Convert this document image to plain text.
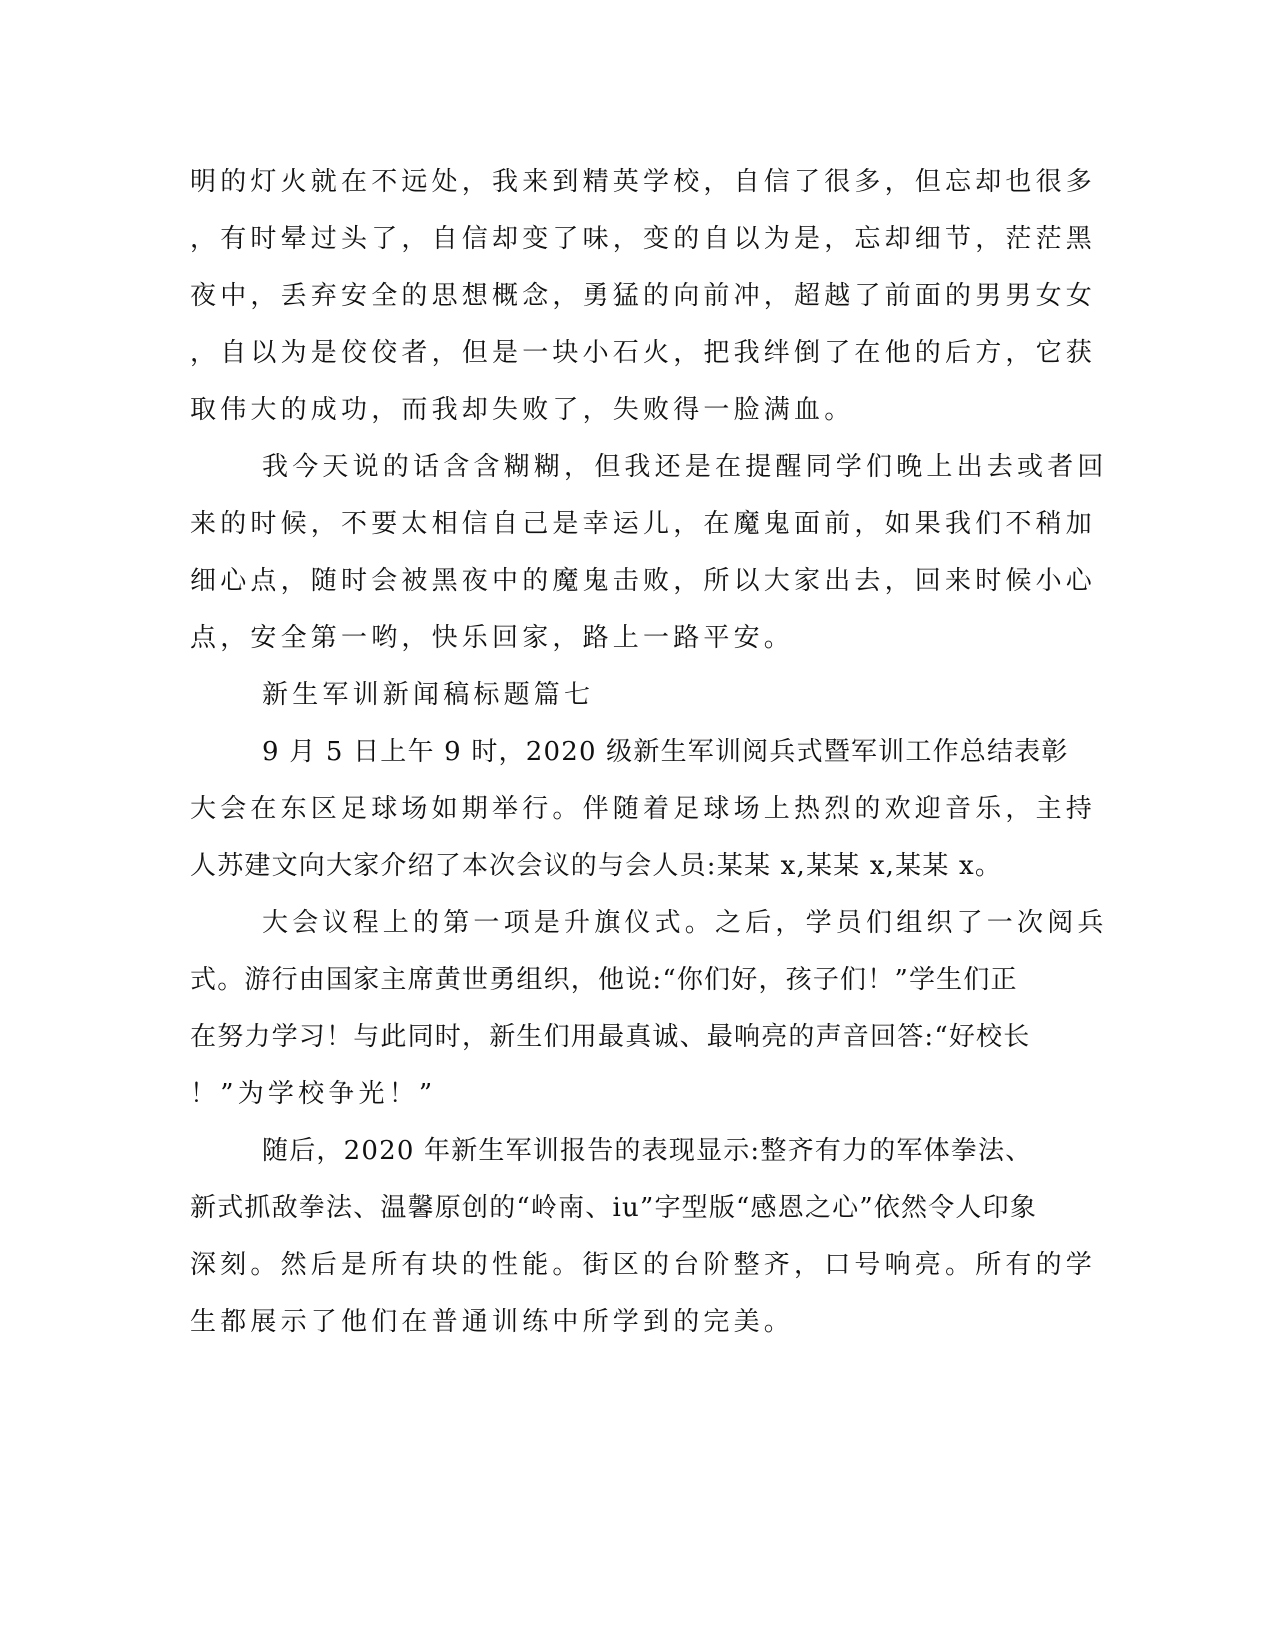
明的灯火就在不远处，我来到精英学校，自信了很多，但忘却也很多
，有时晕过头了，自信却变了味，变的自以为是，忘却细节，茫茫黑
夜中，丢弃安全的思想概念，勇猛的向前冲，超越了前面的男男女女
，自以为是佼佼者，但是一块小石火，把我绊倒了在他的后方，它获
取伟大的成功，而我却失败了，失败得一脸满血。
我今天说的话含含糊糊，但我还是在提醒同学们晚上出去或者回
来的时候，不要太相信自己是幸运儿，在魔鬼面前，如果我们不稍加
细心点，随时会被黑夜中的魔鬼击败，所以大家出去，回来时候小心
点，安全第一哟，快乐回家，路上一路平安。
新生军训新闻稿标题篇七
9 月 5 日上午 9 时，2020 级新生军训阅兵式暨军训工作总结表彰
大会在东区足球场如期举行。伴随着足球场上热烈的欢迎音乐，主持
人苏建文向大家介绍了本次会议的与会人员:某某 x,某某 x,某某 x。
大会议程上的第一项是升旗仪式。之后，学员们组织了一次阅兵
式。游行由国家主席黄世勇组织，他说:“你们好，孩子们！”学生们正
在努力学习！与此同时，新生们用最真诚、最响亮的声音回答:“好校长
！”为学校争光！”
随后，2020 年新生军训报告的表现显示:整齐有力的军体拳法、
新式抓敌拳法、温馨原创的“岭南、iu”字型版“感恩之心”依然令人印象
深刻。然后是所有块的性能。街区的台阶整齐，口号响亮。所有的学
生都展示了他们在普通训练中所学到的完美。
